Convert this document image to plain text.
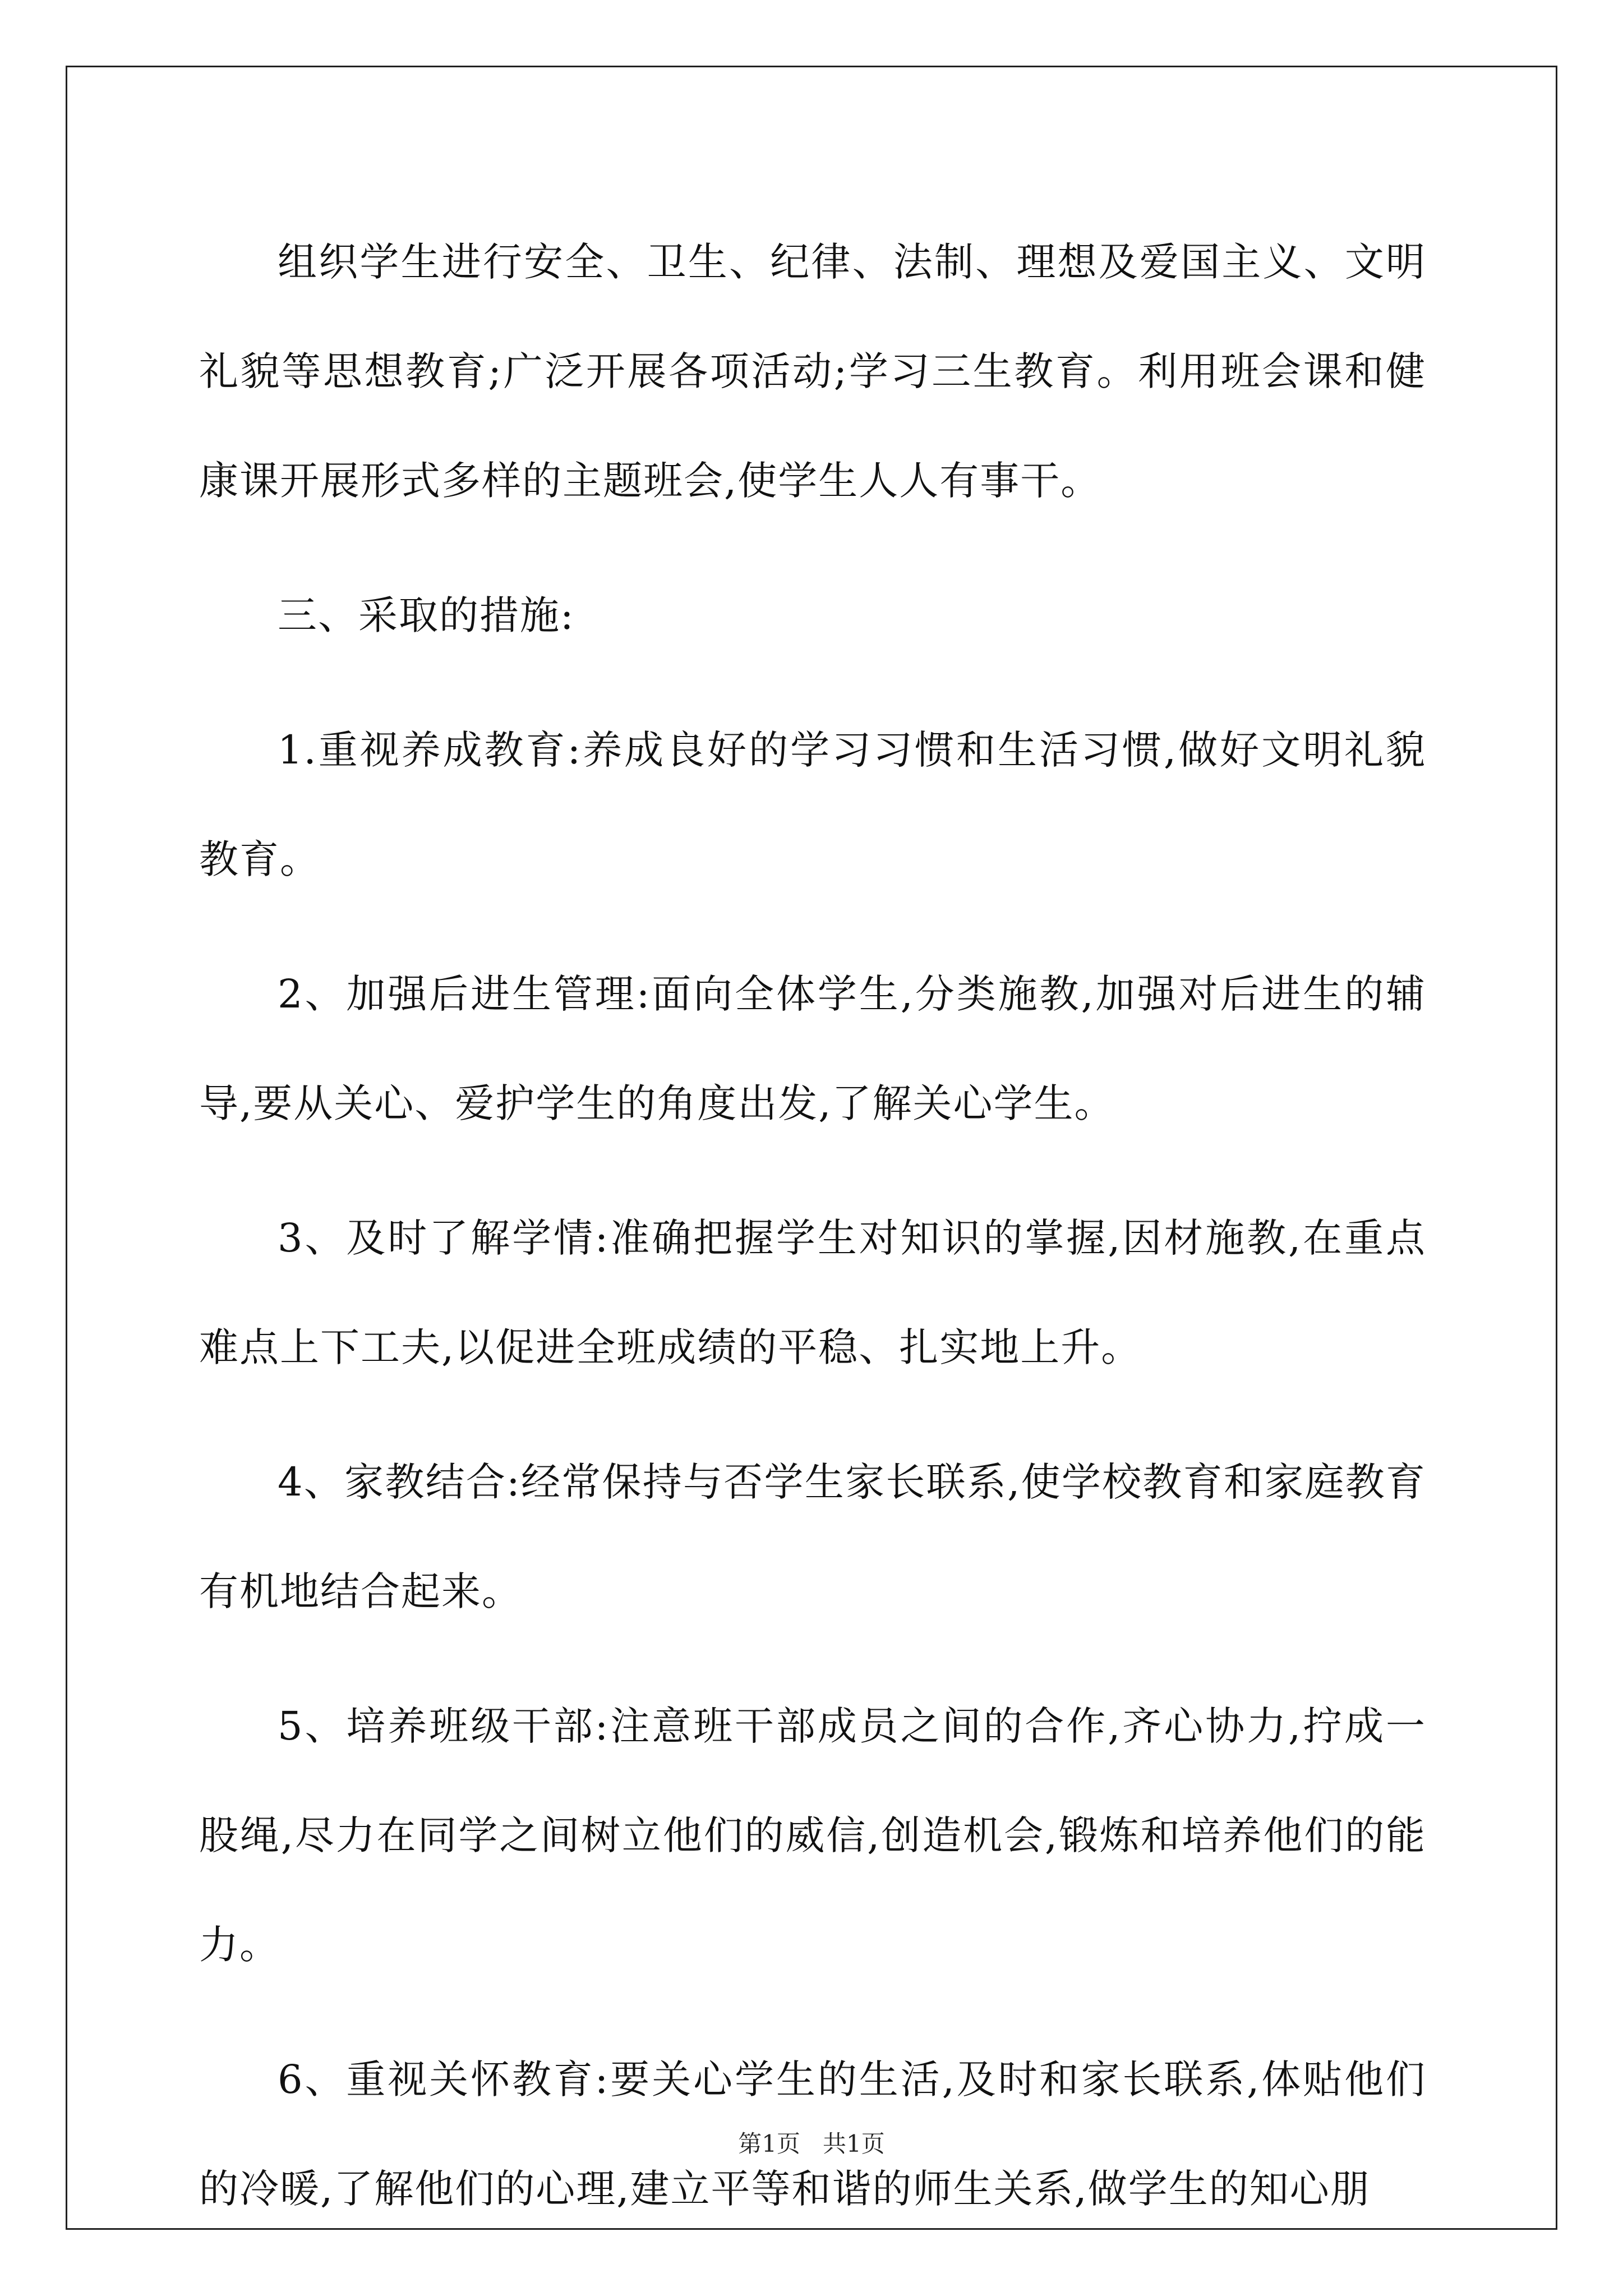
组织学生进行安全、卫生、纪律、法制、理想及爱国主义、文明礼貌等思想教育;广泛开展各项活动;学习三生教育。利用班会课和健康课开展形式多样的主题班会,使学生人人有事干。

三、采取的措施:

1.重视养成教育:养成良好的学习习惯和生活习惯,做好文明礼貌教育。

2、加强后进生管理:面向全体学生,分类施教,加强对后进生的辅导,要从关心、爱护学生的角度出发,了解关心学生。

3、及时了解学情:准确把握学生对知识的掌握,因材施教,在重点难点上下工夫,以促进全班成绩的平稳、扎实地上升。

4、家教结合:经常保持与否学生家长联系,使学校教育和家庭教育有机地结合起来。

5、培养班级干部:注意班干部成员之间的合作,齐心协力,拧成一股绳,尽力在同学之间树立他们的威信,创造机会,锻炼和培养他们的能力。

6、重视关怀教育:要关心学生的生活,及时和家长联系,体贴他们的冷暖,了解他们的心理,建立平等和谐的师生关系,做学生的知心朋

第1页 共1页
